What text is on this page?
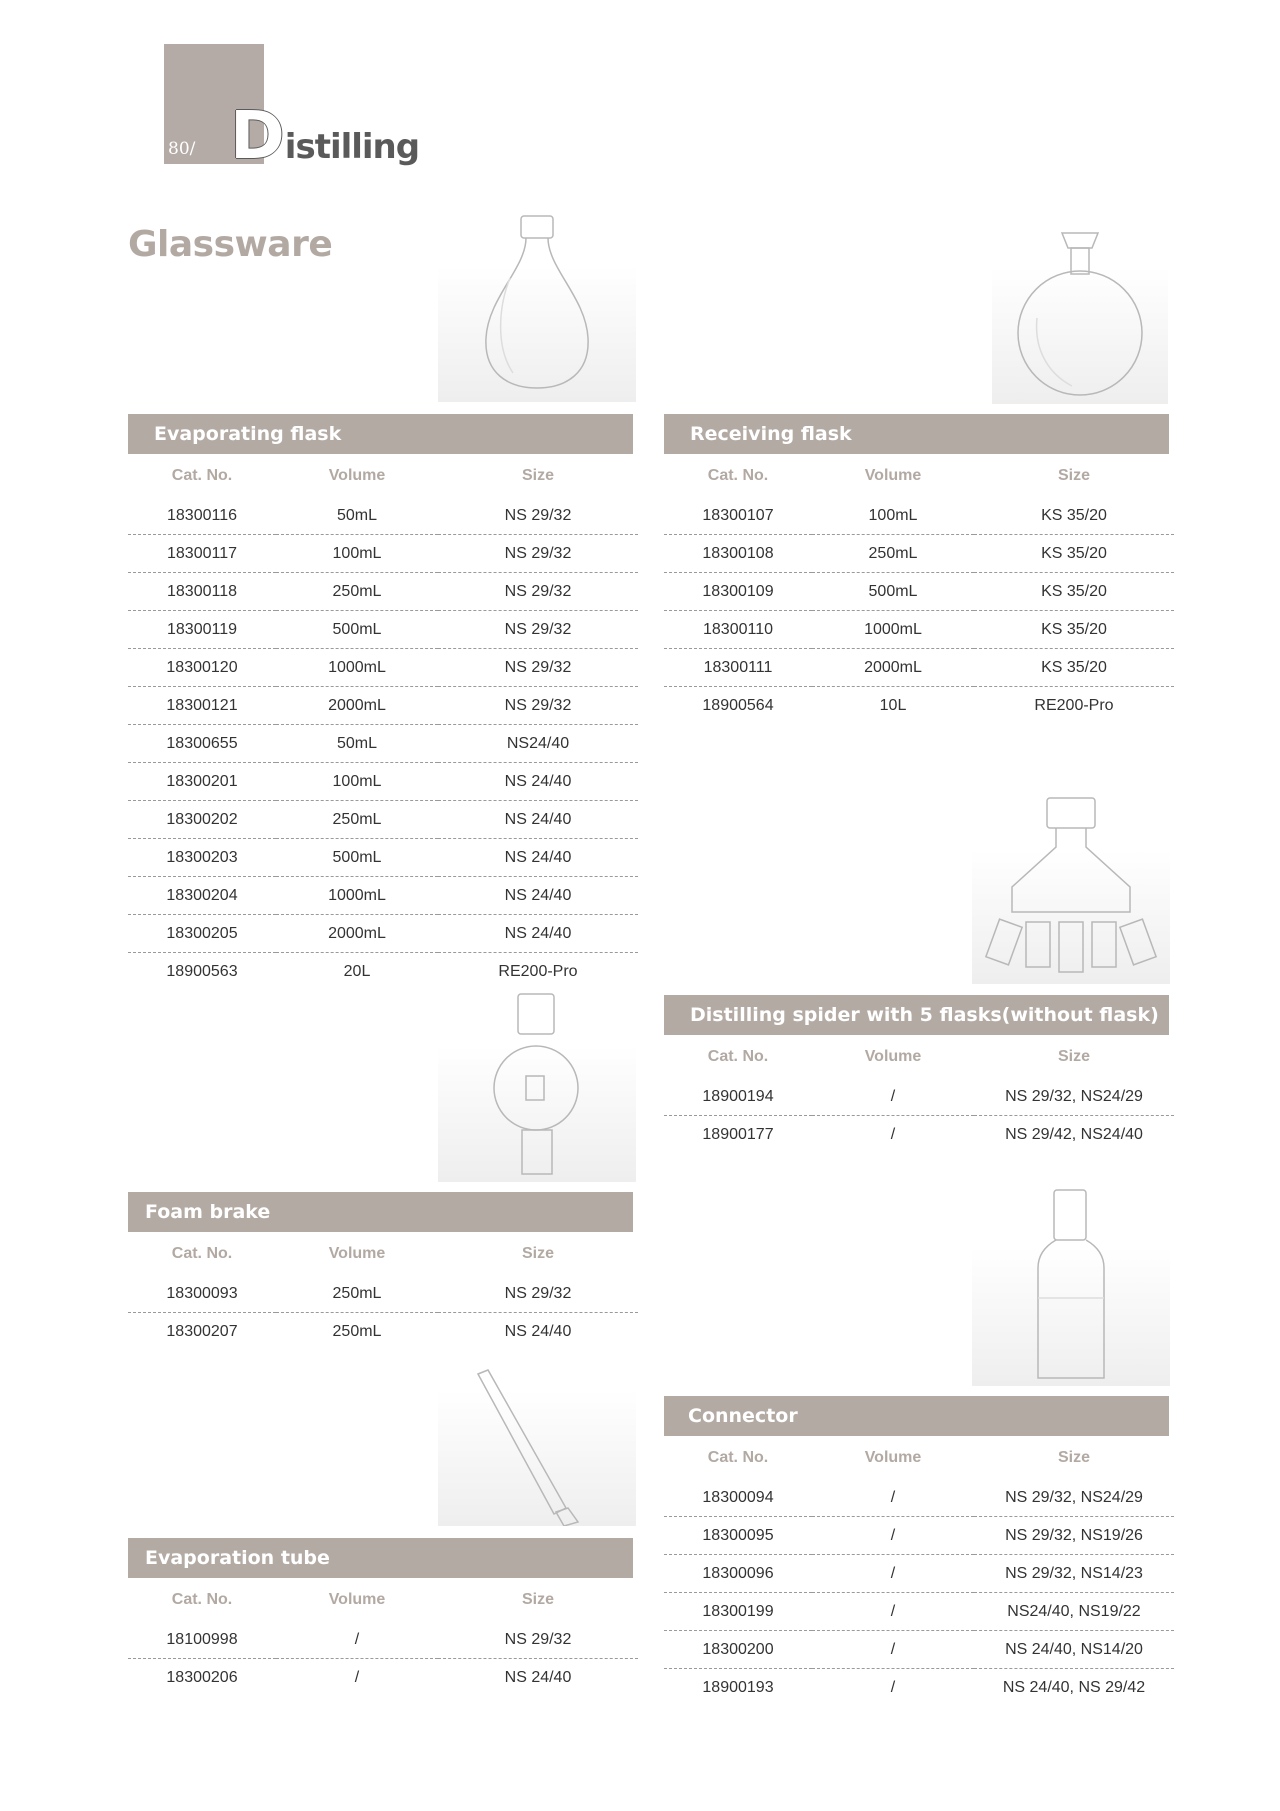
80/ Distilling
Glassware
Evaporating flask
Cat. No.	Volume	Size
18300116	50mL	NS 29/32
18300117	100mL	NS 29/32
18300118	250mL	NS 29/32
18300119	500mL	NS 29/32
18300120	1000mL	NS 29/32
18300121	2000mL	NS 29/32
18300655	50mL	NS24/40
18300201	100mL	NS 24/40
18300202	250mL	NS 24/40
18300203	500mL	NS 24/40
18300204	1000mL	NS 24/40
18300205	2000mL	NS 24/40
18900563	20L	RE200-Pro
Receiving flask
Cat. No.	Volume	Size
18300107	100mL	KS 35/20
18300108	250mL	KS 35/20
18300109	500mL	KS 35/20
18300110	1000mL	KS 35/20
18300111	2000mL	KS 35/20
18900564	10L	RE200-Pro
Distilling spider with 5 flasks(without flask)
Cat. No.	Volume	Size
18900194	/	NS 29/32, NS24/29
18900177	/	NS 29/42, NS24/40
Foam brake
Cat. No.	Volume	Size
18300093	250mL	NS 29/32
18300207	250mL	NS 24/40
Connector
Cat. No.	Volume	Size
18300094	/	NS 29/32, NS24/29
18300095	/	NS 29/32, NS19/26
18300096	/	NS 29/32, NS14/23
18300199	/	NS24/40, NS19/22
18300200	/	NS 24/40, NS14/20
18900193	/	NS 24/40, NS 29/42
Evaporation tube
Cat. No.	Volume	Size
18100998	/	NS 29/32
18300206	/	NS 24/40
